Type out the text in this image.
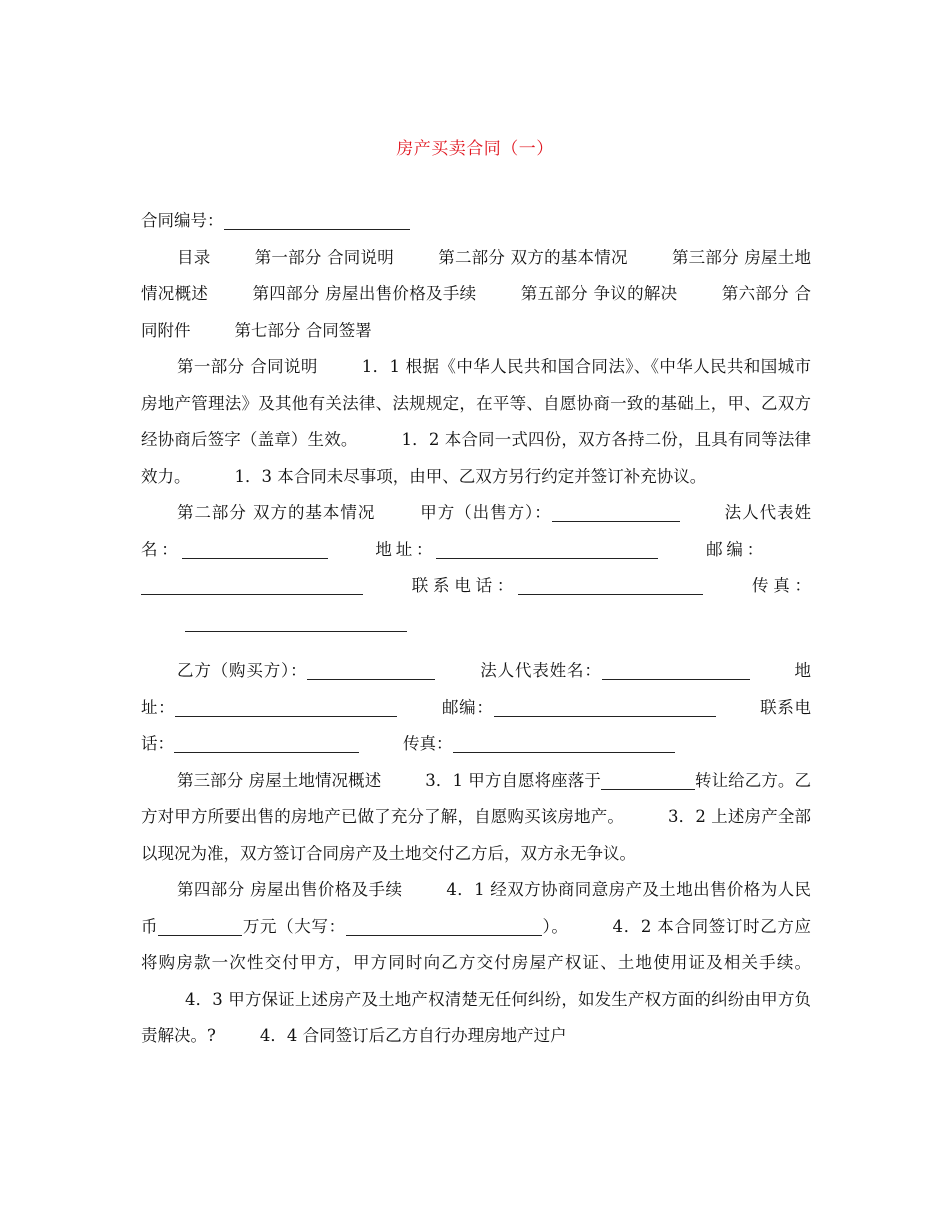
房产买卖合同（一）

合同编号：

目录	第一部分 合同说明	第二部分 双方的基本情况	第三部分 房屋土地情况概述	第四部分 房屋出售价格及手续	第五部分 争议的解决	第六部分 合同附件	第七部分 合同签署

第一部分 合同说明	1．1 根据《中华人民共和国合同法》、《中华人民共和国城市房地产管理法》及其他有关法律、法规规定，在平等、自愿协商一致的基础上，甲、乙双方经协商后签字（盖章）生效。	1．2 本合同一式四份，双方各持二份，且具有同等法律效力。	1．3 本合同未尽事项，由甲、乙双方另行约定并签订补充协议。

第二部分 双方的基本情况	甲方（出售方）：	法人代表姓名：	地址：	邮编：联系电话：	传真：

乙方（购买方）：	法人代表姓名：	地址：	邮编：	联系电话：	传真：

第三部分 房屋土地情况概述	3．1 甲方自愿将座落于	转让给乙方。乙方对甲方所要出售的房地产已做了充分了解，自愿购买该房地产。	3．2 上述房产全部以现况为准，双方签订合同房产及土地交付乙方后，双方永无争议。

第四部分 房屋出售价格及手续	4．1 经双方协商同意房产及土地出售价格为人民币	万元（大写：	）。	4．2 本合同签订时乙方应将购房款一次性交付甲方，甲方同时向乙方交付房屋产权证、土地使用证及相关手续。4．3 甲方保证上述房产及土地产权清楚无任何纠纷，如发生产权方面的纠纷由甲方负责解决。?	4．4 合同签订后乙方自行办理房地产过户
